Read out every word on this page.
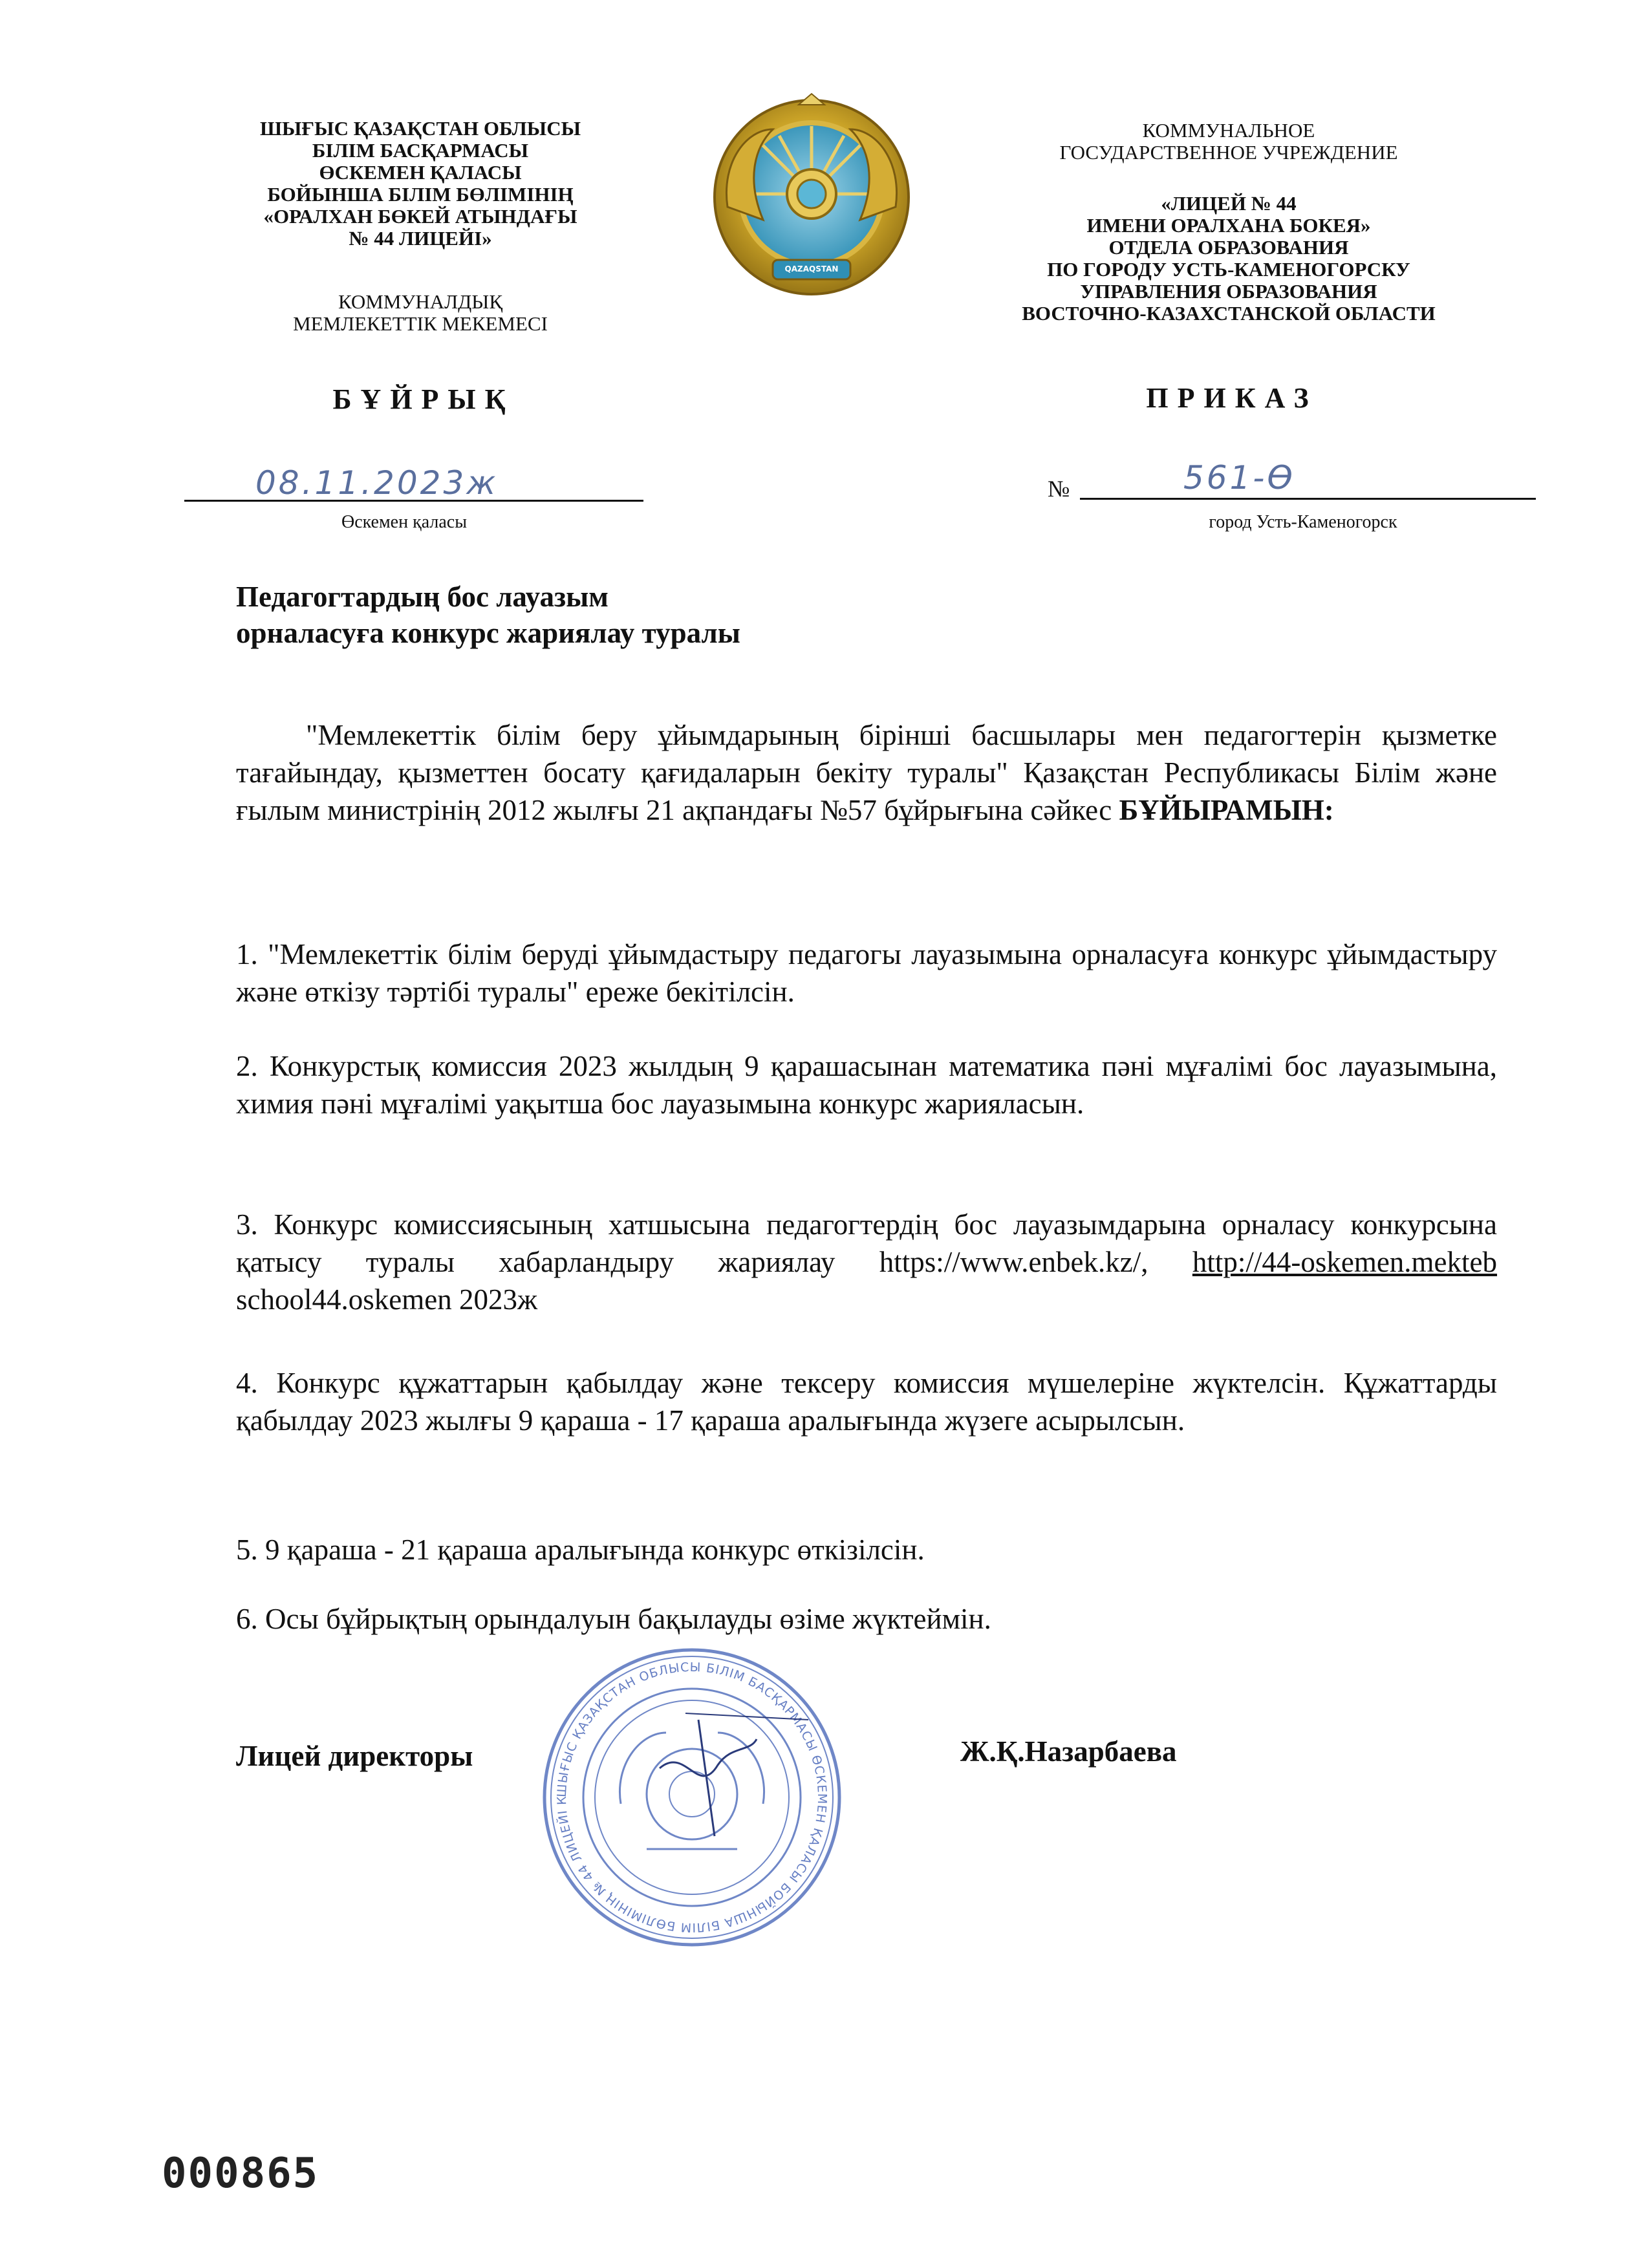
ШЫҒЫС ҚАЗАҚСТАН ОБЛЫСЫ
БІЛІМ БАСҚАРМАСЫ
ӨСКЕМЕН ҚАЛАСЫ
БОЙЫНША БІЛІМ БӨЛІМІНІҢ
«ОРАЛХАН БӨКЕЙ АТЫНДАҒЫ
№ 44 ЛИЦЕЙІ»
КОММУНАЛДЫҚ
МЕМЛЕКЕТТІК МЕКЕМЕСІ
БҰЙРЫҚ
08.11.2023ж
Өскемен қаласы
QAZAQSTAN
КОММУНАЛЬНОЕ
ГОСУДАРСТВЕННОЕ УЧРЕЖДЕНИЕ
«ЛИЦЕЙ № 44
ИМЕНИ ОРАЛХАНА БОКЕЯ»
ОТДЕЛА ОБРАЗОВАНИЯ
ПО ГОРОДУ УСТЬ-КАМЕНОГОРСКУ
УПРАВЛЕНИЯ ОБРАЗОВАНИЯ
ВОСТОЧНО-КАЗАХСТАНСКОЙ ОБЛАСТИ
ПРИКАЗ
№	561-Ө
город Усть-Каменогорск
Педагогтардың бос лауазым
орналасуға конкурс жариялау туралы
"Мемлекеттік білім беру ұйымдарының бірінші басшылары мен педагогтерін қызметке тағайындау, қызметтен босату қағидаларын бекіту туралы" Қазақстан Республикасы Білім және ғылым министрінің 2012 жылғы 21 ақпандағы №57 бұйрығына сәйкес БҰЙЫРАМЫН:
1. "Мемлекеттік білім беруді ұйымдастыру педагогы лауазымына орналасуға конкурс ұйымдастыру және өткізу тәртібі туралы" ереже бекітілсін.
2. Конкурстық комиссия 2023 жылдың 9 қарашасынан математика пәні мұғалімі бос лауазымына, химия пәні мұғалімі уақытша бос лауазымына конкурс жарияласын.
3. Конкурс комиссиясының хатшысына педагогтердің бос лауазымдарына орналасу конкурсына қатысу туралы хабарландыру жариялау https://www.enbek.kz/, http://44-oskemen.mekteb school44.oskemen 2023ж
4. Конкурс құжаттарын қабылдау және тексеру комиссия мүшелеріне жүктелсін. Құжаттарды қабылдау 2023 жылғы 9 қараша - 17 қараша аралығында жүзеге асырылсын.
5. 9 қараша - 21 қараша аралығында конкурс өткізілсін.
6. Осы бұйрықтың орындалуын бақылауды өзіме жүктеймін.
Лицей директоры	Ж.Қ.Назарбаева
ШЫҒЫС ҚАЗАҚСТАН ОБЛЫСЫ БІЛІМ БАСҚАРМАСЫ ӨСКЕМЕН ҚАЛАСЫ БОЙЫНША БІЛІМ БӨЛІМІНІҢ № 44 ЛИЦЕЙІ К
000865
